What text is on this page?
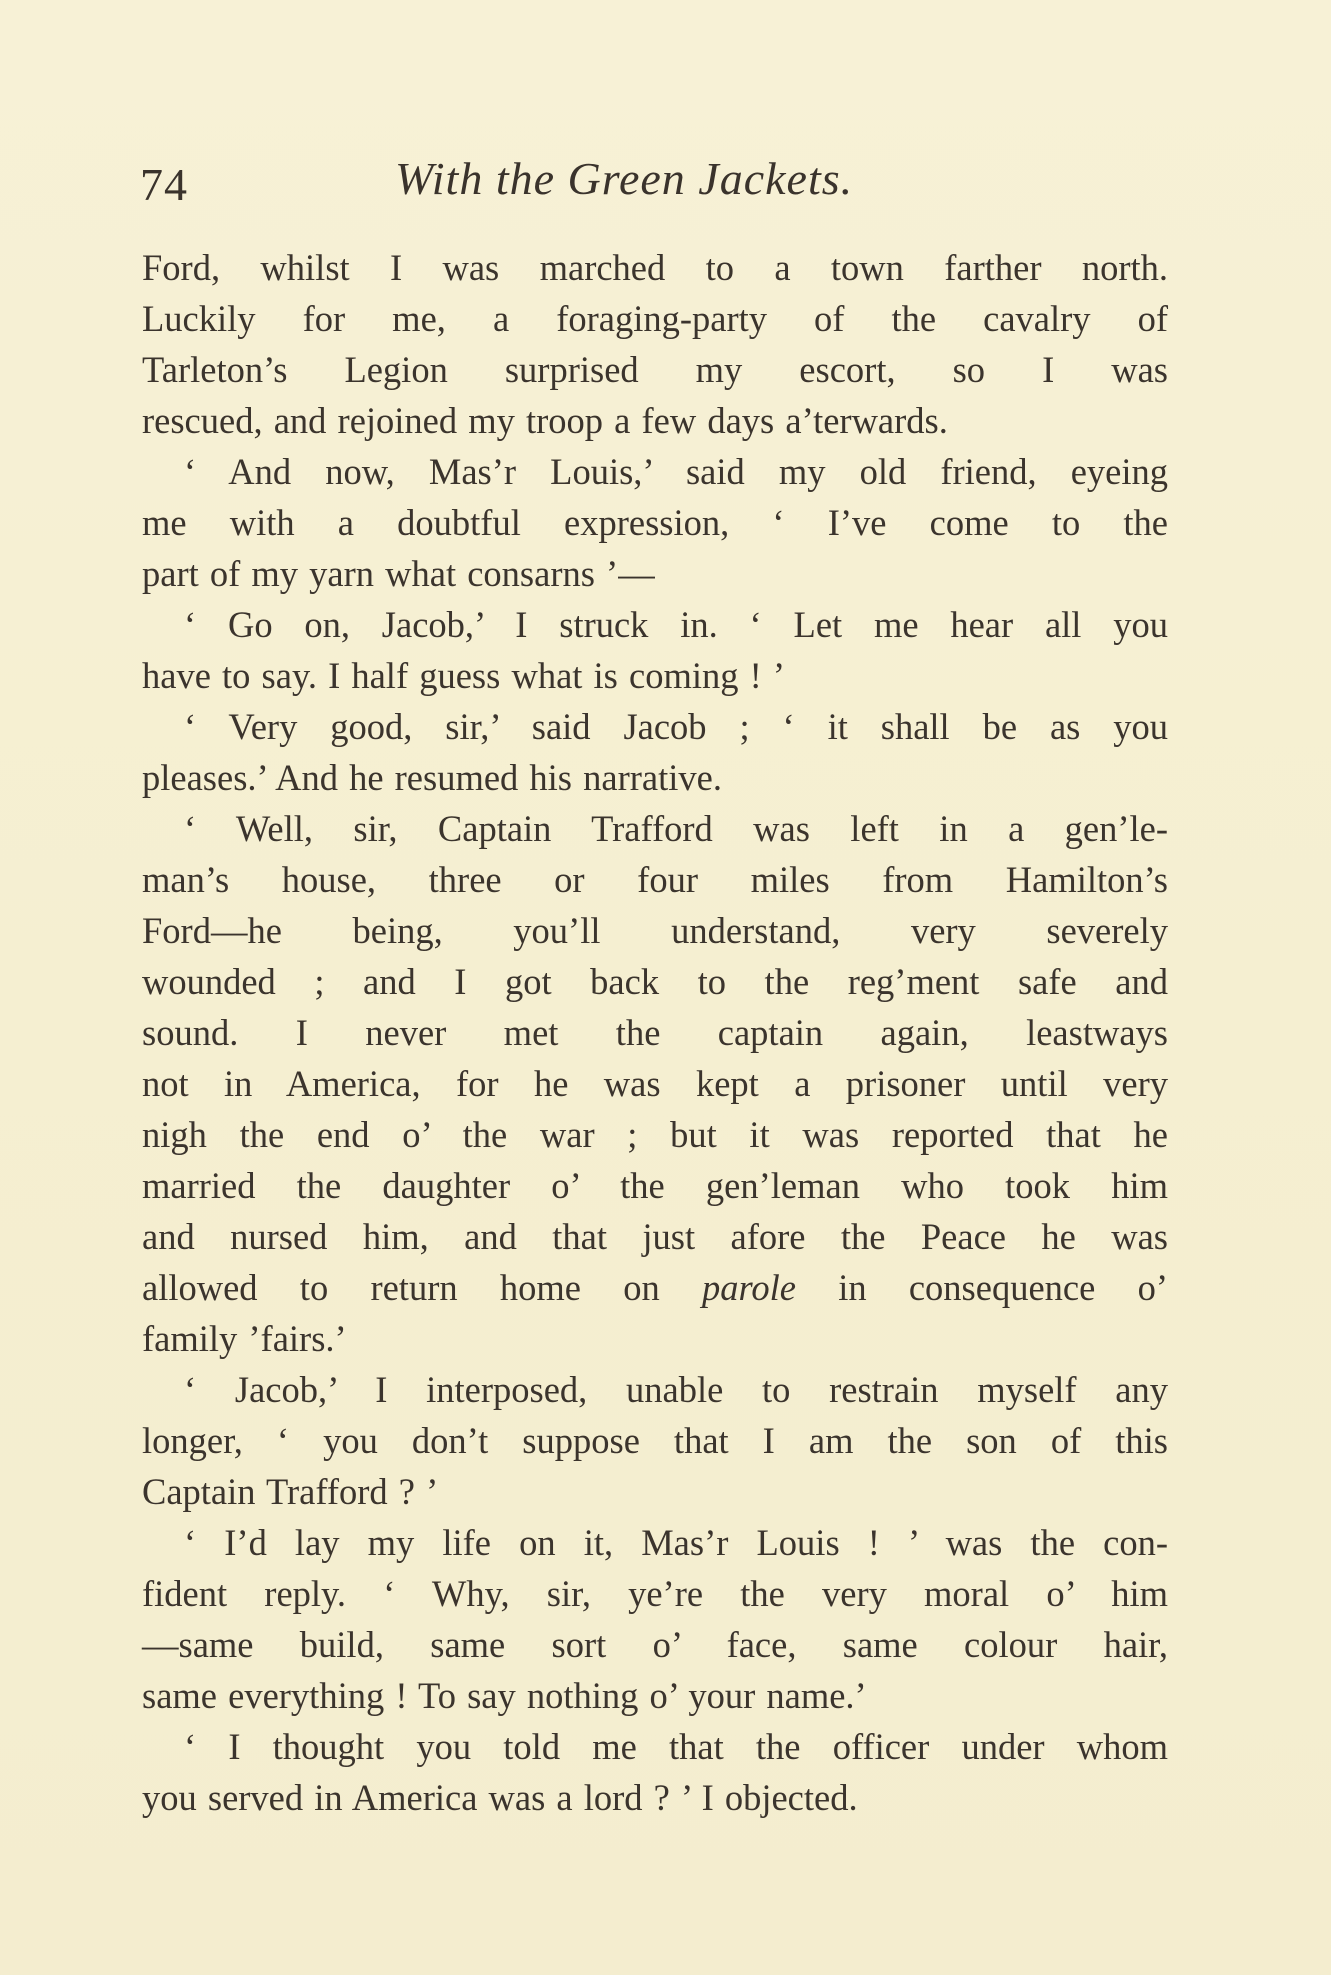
74	With the Green Jackets.
Ford, whilst I was marched to a town farther north.
Luckily for me, a foraging-party of the cavalry of
Tarleton’s Legion surprised my escort, so I was
rescued, and rejoined my troop a few days a’terwards.
‘ And now, Mas’r Louis,’ said my old friend, eyeing
me with a doubtful expression, ‘ I’ve come to the
part of my yarn what consarns ’—
‘ Go on, Jacob,’ I struck in. ‘ Let me hear all you
have to say. I half guess what is coming ! ’
‘ Very good, sir,’ said Jacob ; ‘ it shall be as you
pleases.’ And he resumed his narrative.
‘ Well, sir, Captain Trafford was left in a gen’le-
man’s house, three or four miles from Hamilton’s
Ford—he being, you’ll understand, very severely
wounded ; and I got back to the reg’ment safe and
sound. I never met the captain again, leastways
not in America, for he was kept a prisoner until very
nigh the end o’ the war ; but it was reported that he
married the daughter o’ the gen’leman who took him
and nursed him, and that just afore the Peace he was
allowed to return home on parole in consequence o’
family ’fairs.’
‘ Jacob,’ I interposed, unable to restrain myself any
longer, ‘ you don’t suppose that I am the son of this
Captain Trafford ? ’
‘ I’d lay my life on it, Mas’r Louis ! ’ was the con-
fident reply. ‘ Why, sir, ye’re the very moral o’ him
—same build, same sort o’ face, same colour hair,
same everything ! To say nothing o’ your name.’
‘ I thought you told me that the officer under whom
you served in America was a lord ? ’ I objected.
